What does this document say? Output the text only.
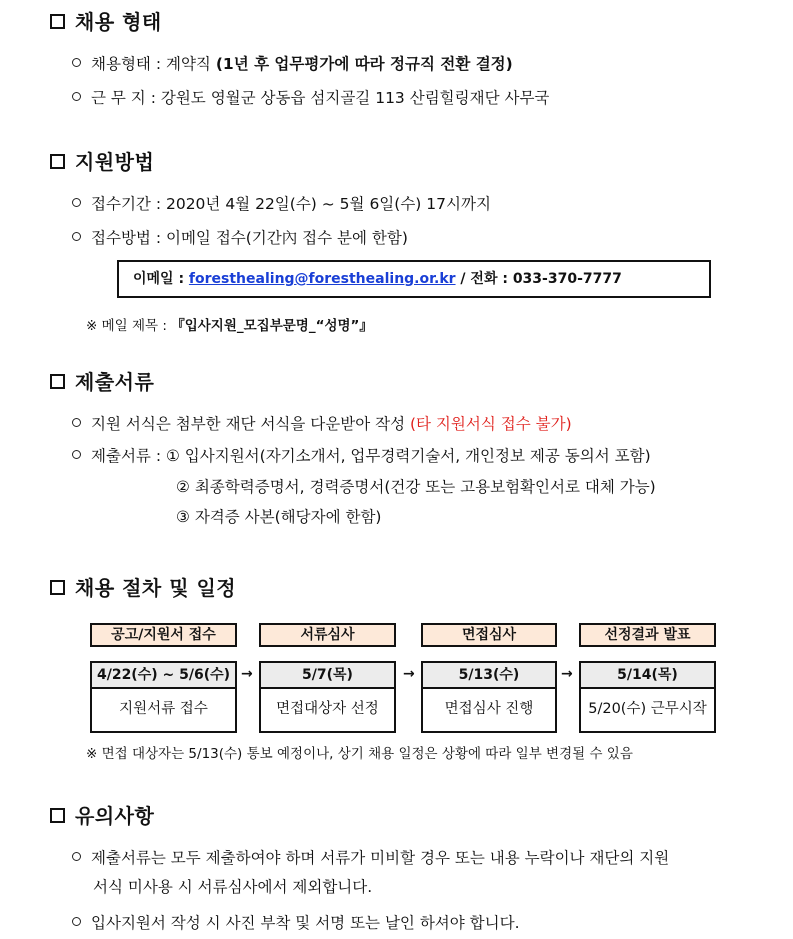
채용 형태
채용형태 : 계약직 (1년 후 업무평가에 따라 정규직 전환 결정)
근 무 지 : 강원도 영월군 상동읍 섬지골길 113 산림힐링재단 사무국
지원방법
접수기간 : 2020년 4월 22일(수) ~ 5월 6일(수) 17시까지
접수방법 : 이메일 접수(기간內 접수 분에 한함)
이메일 : foresthealing@foresthealing.or.kr / 전화 : 033-370-7777
※ 메일 제목 : 『입사지원_모집부문명_“성명”』
제출서류
지원 서식은 첨부한 재단 서식을 다운받아 작성 (타 지원서식 접수 불가)
제출서류 : ① 입사지원서(자기소개서, 업무경력기술서, 개인정보 제공 동의서 포함)
② 최종학력증명서, 경력증명서(건강 또는 고용보험확인서로 대체 가능)
③ 자격증 사본(해당자에 한함)
채용 절차 및 일정
공고/지원서 접수	서류심사	면접심사	선정결과 발표
4/22(수) ~ 5/6(수)	5/7(목)	5/13(수)	5/14(목)
지원서류 접수	면접대상자 선정	면접심사 진행	5/20(수) 근무시작
→	→	→
※ 면접 대상자는 5/13(수) 통보 예정이나, 상기 채용 일정은 상황에 따라 일부 변경될 수 있음
유의사항
제출서류는 모두 제출하여야 하며 서류가 미비할 경우 또는 내용 누락이나 재단의 지원
서식 미사용 시 서류심사에서 제외합니다.
입사지원서 작성 시 사진 부착 및 서명 또는 날인 하셔야 합니다.
